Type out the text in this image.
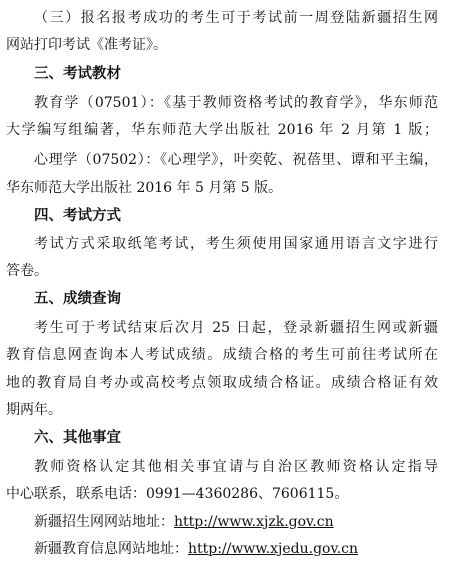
（三）报名报考成功的考生可于考试前一周登陆新疆招生网
网站打印考试《准考证》。
三、考试教材
教育学（07501）：《基于教师资格考试的教育学》，华东师范
大学编写组编著，华东师范大学出版社 2016 年 2 月第 1 版；
心理学（07502）：《心理学》，叶奕乾、祝蓓里、谭和平主编，
华东师范大学出版社 2016 年 5 月第 5 版。
四、考试方式
考试方式采取纸笔考试，考生须使用国家通用语言文字进行
答卷。
五、成绩查询
考生可于考试结束后次月 25 日起，登录新疆招生网或新疆
教育信息网查询本人考试成绩。成绩合格的考生可前往考试所在
地的教育局自考办或高校考点领取成绩合格证。成绩合格证有效
期两年。
六、其他事宜
教师资格认定其他相关事宜请与自治区教师资格认定指导
中心联系，联系电话：0991—4360286、7606115。
新疆招生网网站地址：http://www.xjzk.gov.cn
新疆教育信息网站地址：http://www.xjedu.gov.cn
